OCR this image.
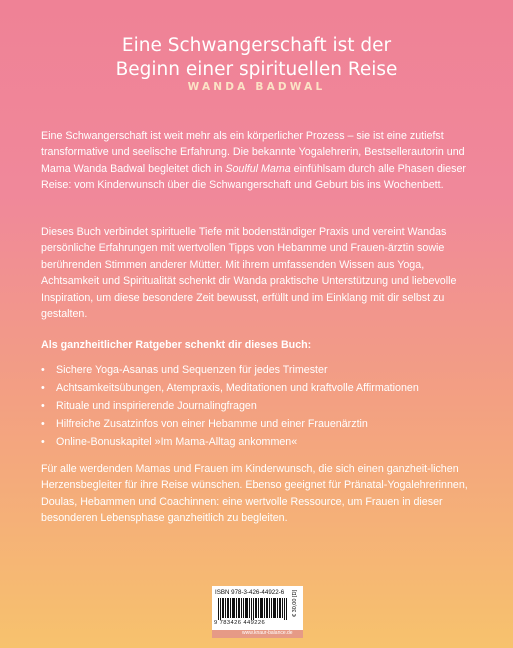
Eine Schwangerschaft ist der
Beginn einer spirituellen Reise
WANDA BADWAL
Eine Schwangerschaft ist weit mehr als ein körperlicher Prozess – sie ist eine zutiefst transformative und seelische Erfahrung. Die bekannte Yogalehrerin, Bestsellerautorin und Mama Wanda Badwal begleitet dich in Soulful Mama einfühlsam durch alle Phasen dieser Reise: vom Kinderwunsch über die Schwangerschaft und Geburt bis ins Wochenbett.
Dieses Buch verbindet spirituelle Tiefe mit bodenständiger Praxis und vereint Wandas persönliche Erfahrungen mit wertvollen Tipps von Hebamme und Frauen-ärztin sowie berührenden Stimmen anderer Mütter. Mit ihrem umfassenden Wissen aus Yoga, Achtsamkeit und Spiritualität schenkt dir Wanda praktische Unterstützung und liebevolle Inspiration, um diese besondere Zeit bewusst, erfüllt und im Einklang mit dir selbst zu gestalten.
Als ganzheitlicher Ratgeber schenkt dir dieses Buch:
• Sichere Yoga-Asanas und Sequenzen für jedes Trimester
• Achtsamkeitsübungen, Atempraxis, Meditationen und kraftvolle Affirmationen
• Rituale und inspirierende Journalingfragen
• Hilfreiche Zusatzinfos von einer Hebamme und einer Frauenärztin
• Online-Bonuskapitel »Im Mama-Alltag ankommen«
Für alle werdenden Mamas und Frauen im Kinderwunsch, die sich einen ganzheit-lichen Herzensbegleiter für ihre Reise wünschen. Ebenso geeignet für Pränatal-Yogalehrerinnen, Doulas, Hebammen und Coachinnen: eine wertvolle Ressource, um Frauen in dieser besonderen Lebensphase ganzheitlich zu begleiten.
ISBN 978-3-426-44922-6
9 783426 449226
€ 30,00 [D]
www.knaur-balance.de
